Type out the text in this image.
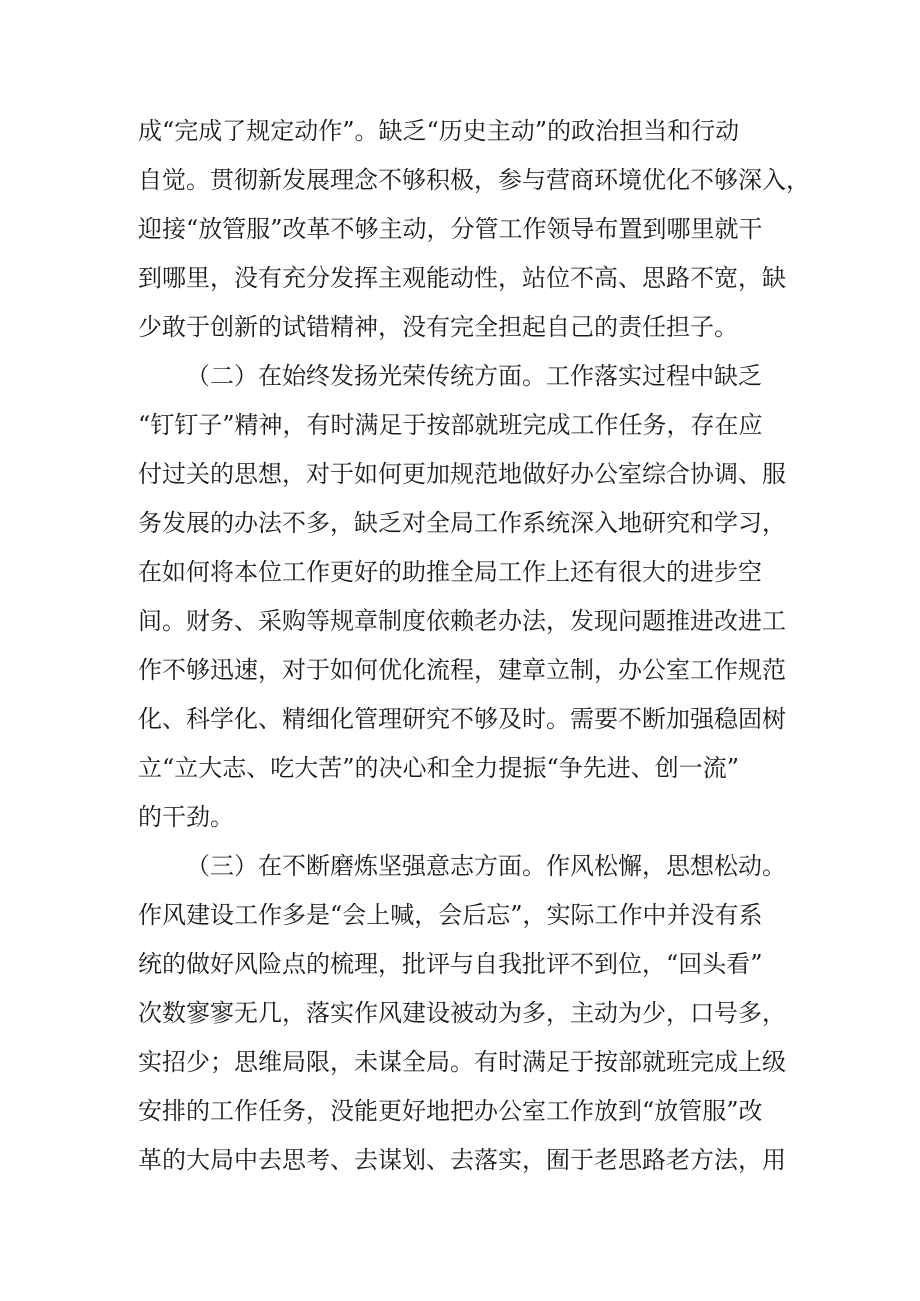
成“完成了规定动作”。缺乏“历史主动”的政治担当和行动

自觉。贯彻新发展理念不够积极，参与营商环境优化不够深入，

迎接“放管服”改革不够主动，分管工作领导布置到哪里就干

到哪里，没有充分发挥主观能动性，站位不高、思路不宽，缺

少敢于创新的试错精神，没有完全担起自己的责任担子。

（二）在始终发扬光荣传统方面。工作落实过程中缺乏

“钉钉子”精神，有时满足于按部就班完成工作任务，存在应

付过关的思想，对于如何更加规范地做好办公室综合协调、服

务发展的办法不多，缺乏对全局工作系统深入地研究和学习，

在如何将本位工作更好的助推全局工作上还有很大的进步空

间。财务、采购等规章制度依赖老办法，发现问题推进改进工

作不够迅速，对于如何优化流程，建章立制，办公室工作规范

化、科学化、精细化管理研究不够及时。需要不断加强稳固树

立“立大志、吃大苦”的决心和全力提振“争先进、创一流”

的干劲。

（三）在不断磨炼坚强意志方面。作风松懈，思想松动。

作风建设工作多是“会上喊，会后忘”，实际工作中并没有系

统的做好风险点的梳理，批评与自我批评不到位，“回头看”

次数寥寥无几，落实作风建设被动为多，主动为少，口号多，

实招少；思维局限，未谋全局。有时满足于按部就班完成上级

安排的工作任务，没能更好地把办公室工作放到“放管服”改

革的大局中去思考、去谋划、去落实，囿于老思路老方法，用
